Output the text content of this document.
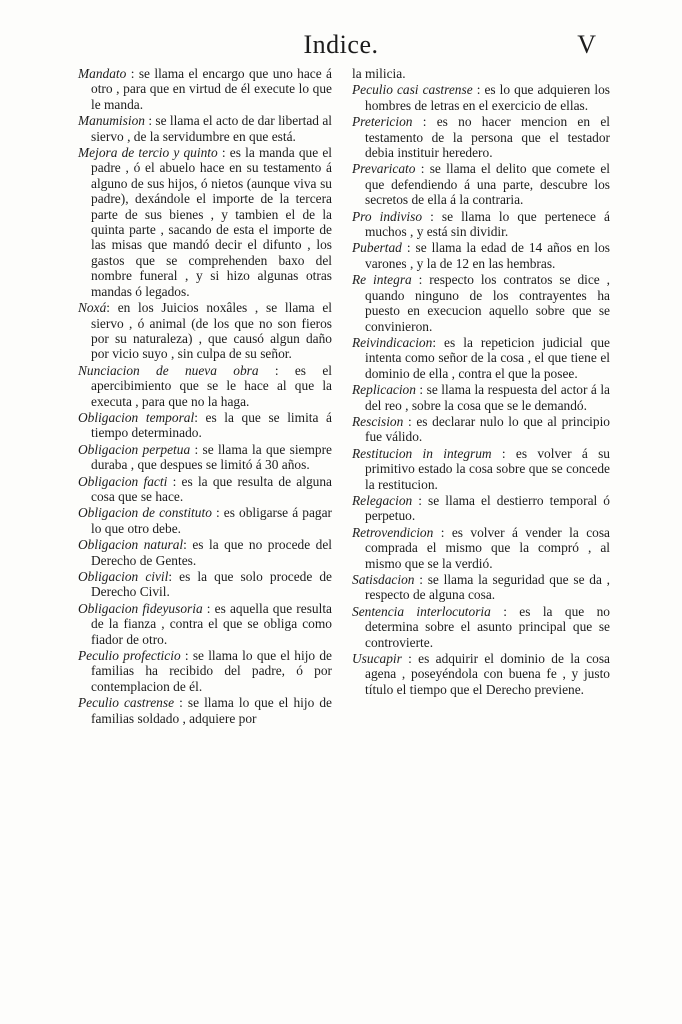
Indice.	V

Mandato : se llama el encargo que uno hace á otro , para que en virtud de él execute lo que le manda.

Manumision : se llama el acto de dar libertad al siervo , de la servidumbre en que está.

Mejora de tercio y quinto : es la manda que el padre , ó el abuelo hace en su testamento á alguno de sus hijos, ó nietos (aunque viva su padre), dexándole el importe de la tercera parte de sus bienes , y tambien el de la quinta parte , sacando de esta el importe de las misas que mandó decir el difunto , los gastos que se comprehenden baxo del nombre funeral , y si hizo algunas otras mandas ó legados.

Noxá: en los Juicios noxâles , se llama el siervo , ó animal (de los que no son fieros por su naturaleza) , que causó algun daño por vicio suyo , sin culpa de su señor.

Nunciacion de nueva obra : es el apercibimiento que se le hace al que la executa , para que no la haga.

Obligacion temporal: es la que se limita á tiempo determinado.

Obligacion perpetua : se llama la que siempre duraba , que despues se limitó á 30 años.

Obligacion facti : es la que resulta de alguna cosa que se hace.

Obligacion de constituto : es obligarse á pagar lo que otro debe.

Obligacion natural: es la que no procede del Derecho de Gentes.

Obligacion civil: es la que solo procede de Derecho Civil.

Obligacion fideyusoria : es aquella que resulta de la fianza , contra el que se obliga como fiador de otro.

Peculio profecticio : se llama lo que el hijo de familias ha recibido del padre, ó por contemplacion de él.

Peculio castrense : se llama lo que el hijo de familias soldado , adquiere por

la milicia.

Peculio casi castrense : es lo que adquieren los hombres de letras en el exercicio de ellas.

Pretericion : es no hacer mencion en el testamento de la persona que el testador debia instituir heredero.

Prevaricato : se llama el delito que comete el que defendiendo á una parte, descubre los secretos de ella á la contraria.

Pro indiviso : se llama lo que pertenece á muchos , y está sin dividir.

Pubertad : se llama la edad de 14 años en los varones , y la de 12 en las hembras.

Re integra : respecto los contratos se dice , quando ninguno de los contrayentes ha puesto en execucion aquello sobre que se convinieron.

Reivindicacion: es la repeticion judicial que intenta como señor de la cosa , el que tiene el dominio de ella , contra el que la posee.

Replicacion : se llama la respuesta del actor á la del reo , sobre la cosa que se le demandó.

Rescision : es declarar nulo lo que al principio fue válido.

Restitucion in integrum : es volver á su primitivo estado la cosa sobre que se concede la restitucion.

Relegacion : se llama el destierro temporal ó perpetuo.

Retrovendicion : es volver á vender la cosa comprada el mismo que la compró , al mismo que se la verdió.

Satisdacion : se llama la seguridad que se da , respecto de alguna cosa.

Sentencia interlocutoria : es la que no determina sobre el asunto principal que se controvierte.

Usucapir : es adquirir el dominio de la cosa agena , poseyéndola con buena fe , y justo título el tiempo que el Derecho previene.
